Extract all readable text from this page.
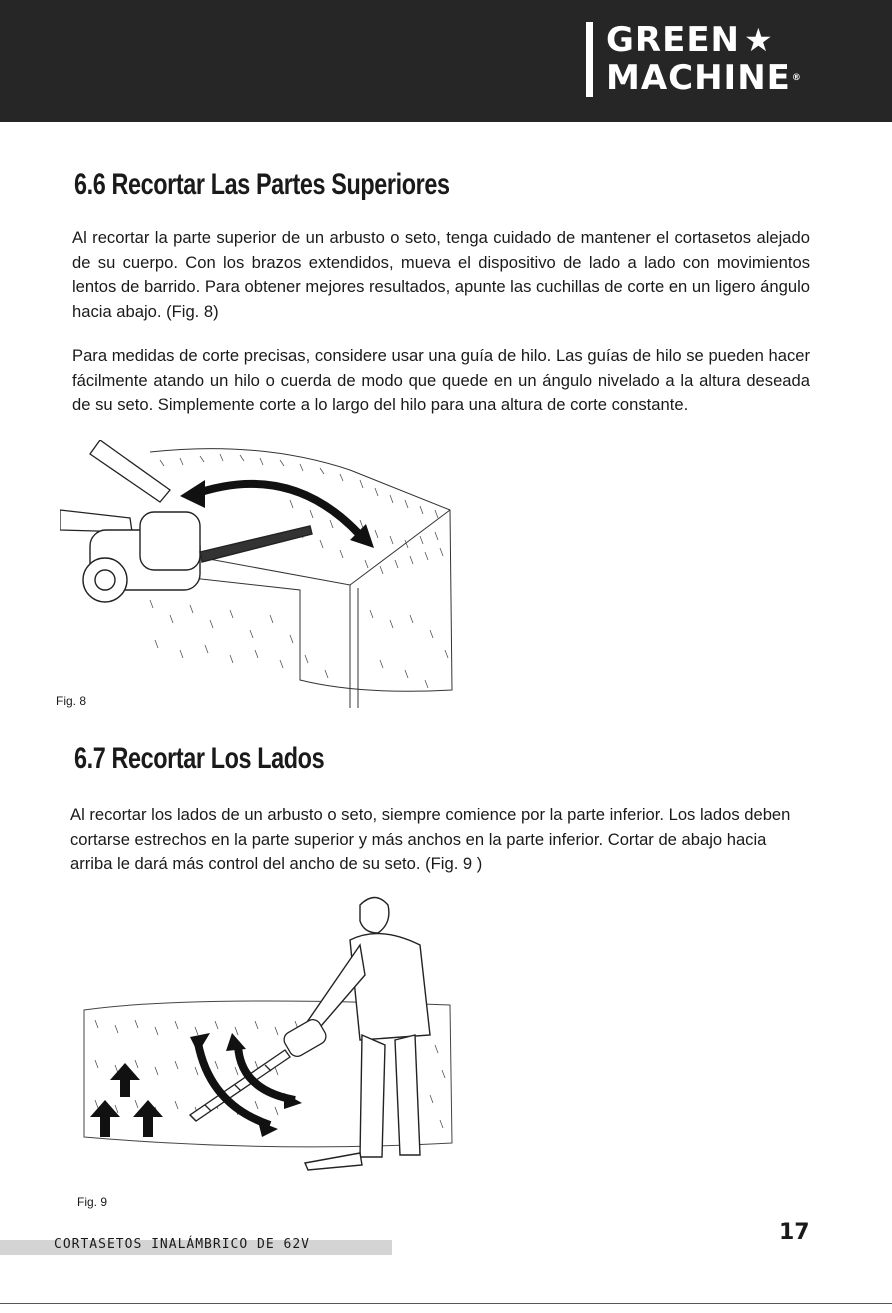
GREEN ★
MACHINE®
6.6 Recortar Las Partes Superiores
Al recortar la parte superior de un arbusto o seto, tenga cuidado de mantener el cortasetos alejado de su cuerpo. Con los brazos extendidos, mueva el dispositivo de lado a lado con movimientos lentos de barrido. Para obtener mejores resultados, apunte las cuchillas de corte en un ligero ángulo hacia abajo. (Fig. 8)
Para medidas de corte precisas, considere usar una guía de hilo. Las guías de hilo se pueden hacer fácilmente atando un hilo o cuerda de modo que quede en un ángulo nivelado a la altura deseada de su seto. Simplemente corte a lo largo del hilo para una altura de corte constante.
Fig. 8
6.7 Recortar Los Lados
Al recortar los lados de un arbusto o seto, siempre comience por la parte inferior. Los lados deben cortarse estrechos en la parte superior y más anchos en la parte inferior. Cortar de abajo hacia arriba le dará más control del ancho de su seto. (Fig. 9 )
Fig. 9
CORTASETOS INALÁMBRICO DE 62V	17
